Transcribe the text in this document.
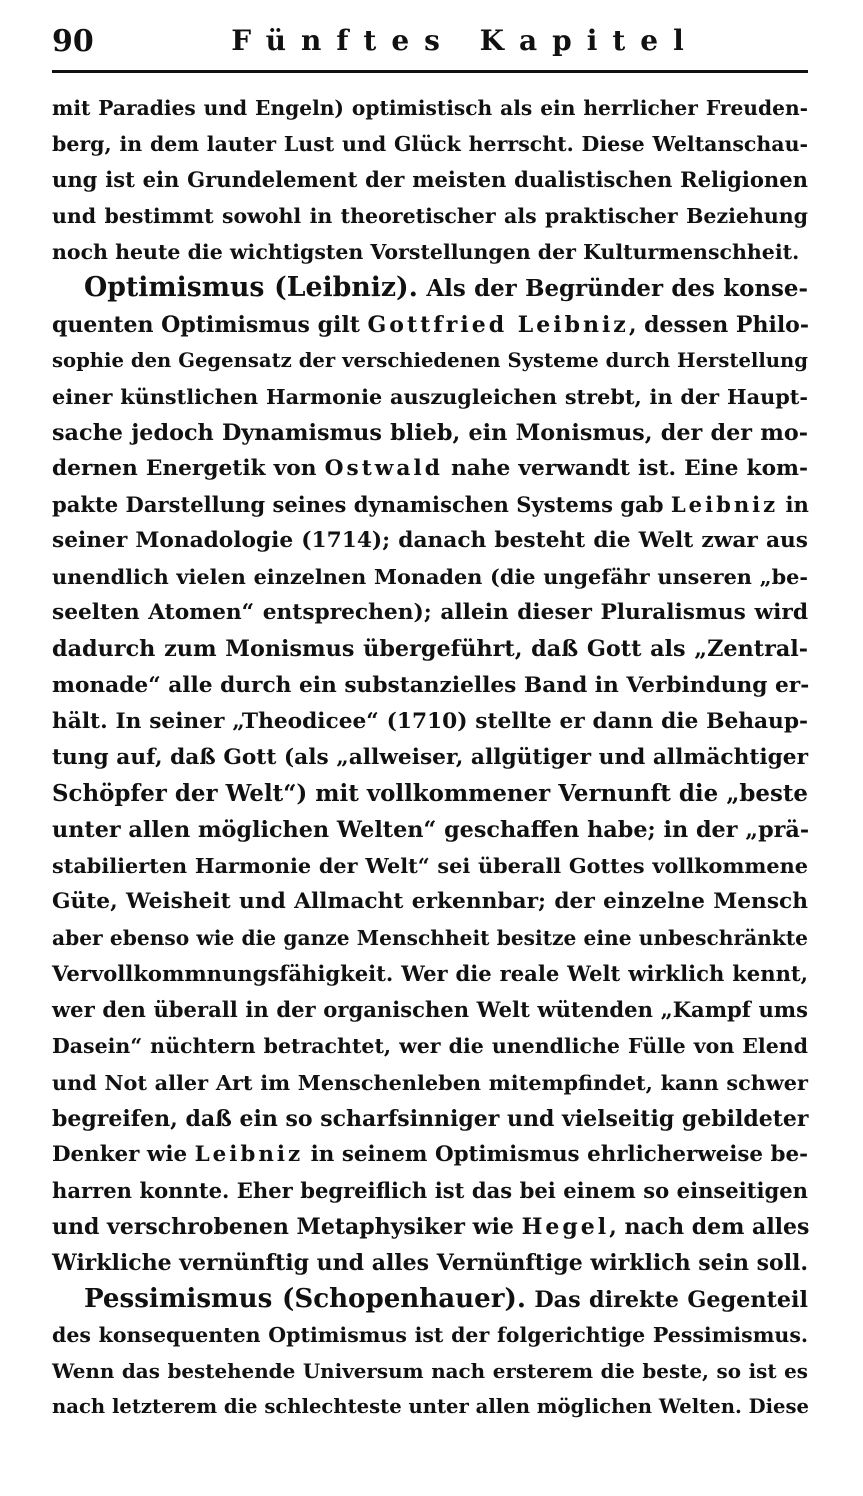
90	Fünftes Kapitel
mit Paradies und Engeln) optimistisch als ein herrlicher Freuden-
berg, in dem lauter Lust und Glück herrscht. Diese Weltanschau-
ung ist ein Grundelement der meisten dualistischen Religionen
und bestimmt sowohl in theoretischer als praktischer Beziehung
noch heute die wichtigsten Vorstellungen der Kulturmenschheit.
Optimismus (Leibniz). Als der Begründer des konse-
quenten Optimismus gilt Gottfried Leibniz, dessen Philo-
sophie den Gegensatz der verschiedenen Systeme durch Herstellung
einer künstlichen Harmonie auszugleichen strebt, in der Haupt-
sache jedoch Dynamismus blieb, ein Monismus, der der mo-
dernen Energetik von Ostwald nahe verwandt ist. Eine kom-
pakte Darstellung seines dynamischen Systems gab Leibniz in
seiner Monadologie (1714); danach besteht die Welt zwar aus
unendlich vielen einzelnen Monaden (die ungefähr unseren „be-
seelten Atomen“ entsprechen); allein dieser Pluralismus wird
dadurch zum Monismus übergeführt, daß Gott als „Zentral-
monade“ alle durch ein substanzielles Band in Verbindung er-
hält. In seiner „Theodicee“ (1710) stellte er dann die Behaup-
tung auf, daß Gott (als „allweiser, allgütiger und allmächtiger
Schöpfer der Welt“) mit vollkommener Vernunft die „beste
unter allen möglichen Welten“ geschaffen habe; in der „prä-
stabilierten Harmonie der Welt“ sei überall Gottes vollkommene
Güte, Weisheit und Allmacht erkennbar; der einzelne Mensch
aber ebenso wie die ganze Menschheit besitze eine unbeschränkte
Vervollkommnungsfähigkeit. Wer die reale Welt wirklich kennt,
wer den überall in der organischen Welt wütenden „Kampf ums
Dasein“ nüchtern betrachtet, wer die unendliche Fülle von Elend
und Not aller Art im Menschenleben mitempfindet, kann schwer
begreifen, daß ein so scharfsinniger und vielseitig gebildeter
Denker wie Leibniz in seinem Optimismus ehrlicherweise be-
harren konnte. Eher begreiflich ist das bei einem so einseitigen
und verschrobenen Metaphysiker wie Hegel, nach dem alles
Wirkliche vernünftig und alles Vernünftige wirklich sein soll.
Pessimismus (Schopenhauer). Das direkte Gegenteil
des konsequenten Optimismus ist der folgerichtige Pessimismus.
Wenn das bestehende Universum nach ersterem die beste, so ist es
nach letzterem die schlechteste unter allen möglichen Welten. Diese
